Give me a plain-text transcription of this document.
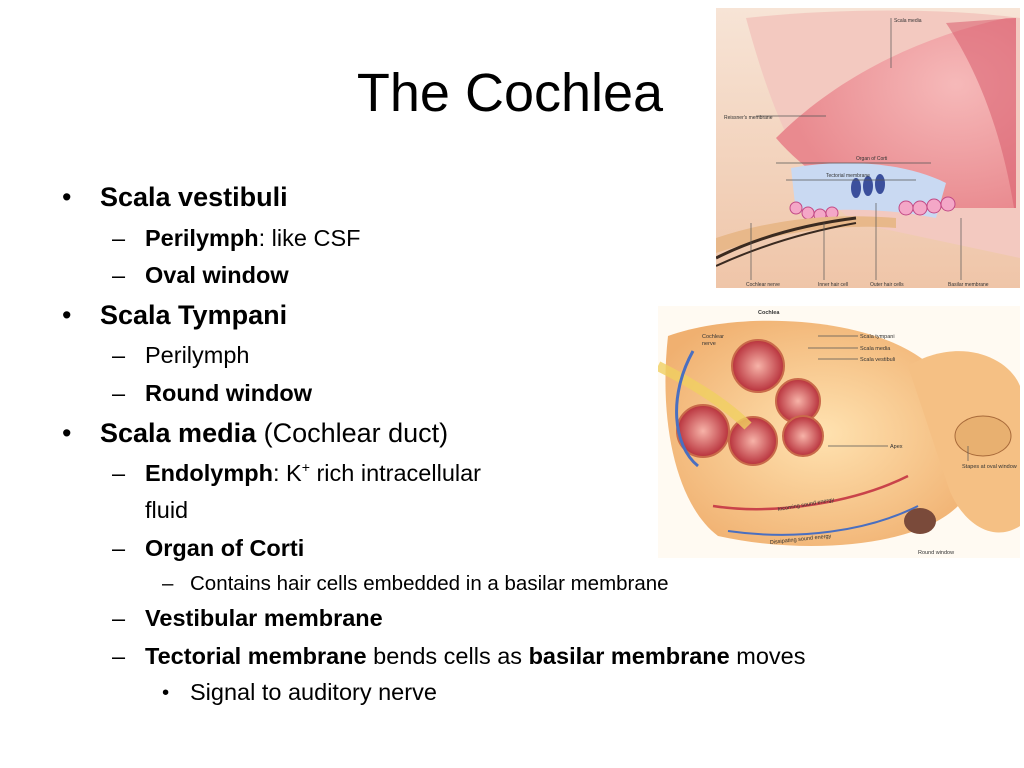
The Cochlea
Scala media
Reissner's membrane
Organ of Corti
Tectorial membrane
Cochlear nerve	Inner hair cell	Outer hair cells	Basilar membrane
Cochlea
Cochlear
nerve
Scala tympani
Scala media
Scala vestibuli
Apex
Stapes at oval window
Incoming sound energy
Dissipating sound energy
Round window
•	Scala vestibuli
– Perilymph: like CSF
– Oval window
•	Scala Tympani
– Perilymph
– Round window
•	Scala media (Cochlear duct)
– Endolymph: K+ rich intracellular
fluid
– Organ of Corti
– Contains hair cells embedded in a basilar membrane
– Vestibular membrane
– Tectorial membrane bends cells as basilar membrane moves
• Signal to auditory nerve
